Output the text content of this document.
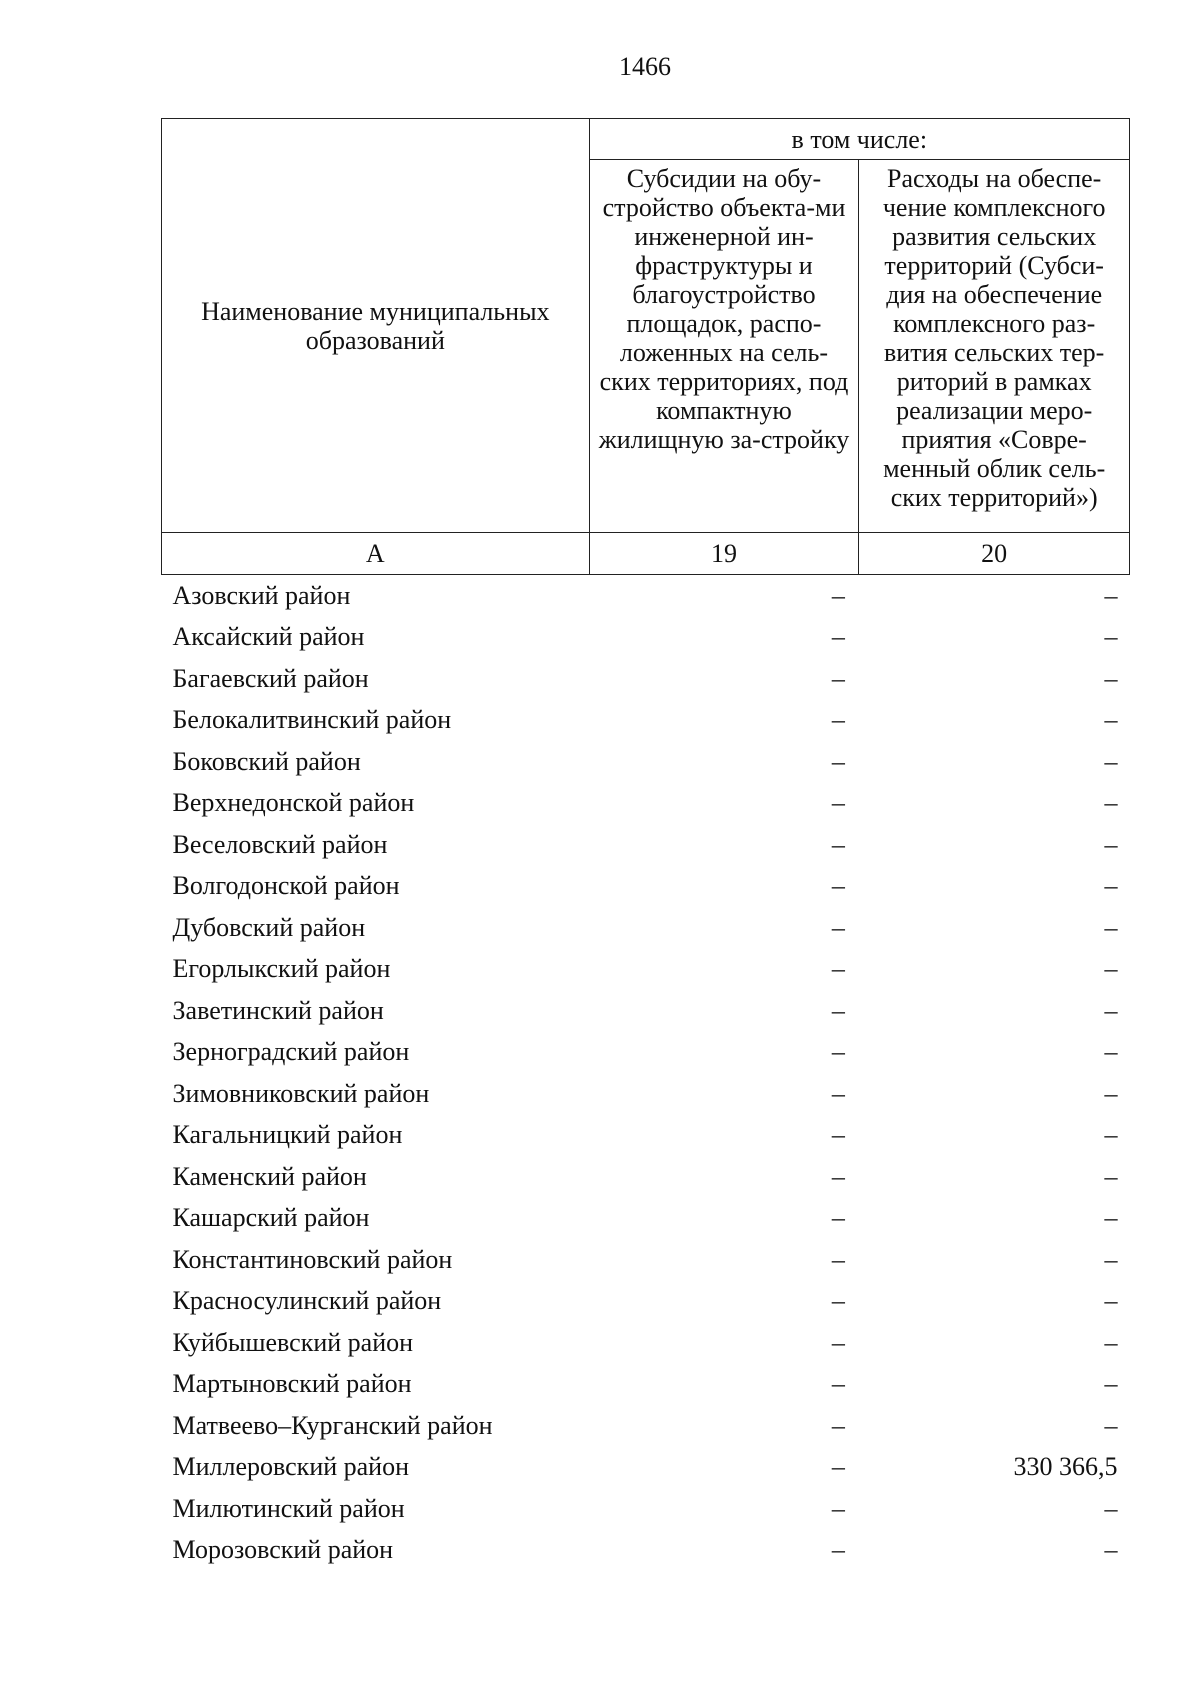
1466
Наименование муниципальных образований	в том числе:	
	Субсидии на обу-стройство объекта-ми инженерной ин-фраструктуры и благоустройство площадок, распо-ложенных на сель-ских территориях, под компактную жилищную за-стройку	Расходы на обеспе-чение комплексного развития сельских территорий (Субси-дия на обеспечение комплексного раз-вития сельских тер-риторий в рамках реализации меро-приятия «Совре-менный облик сель-ских территорий»)
А	19	20
Азовский район	–	–
Аксайский район	–	–
Багаевский район	–	–
Белокалитвинский район	–	–
Боковский район	–	–
Верхнедонской район	–	–
Веселовский район	–	–
Волгодонской район	–	–
Дубовский район	–	–
Егорлыкский район	–	–
Заветинский район	–	–
Зерноградский район	–	–
Зимовниковский район	–	–
Кагальницкий район	–	–
Каменский район	–	–
Кашарский район	–	–
Константиновский район	–	–
Красносулинский район	–	–
Куйбышевский район	–	–
Мартыновский район	–	–
Матвеево–Курганский район	–	–
Миллеровский район	–	330 366,5
Милютинский район	–	–
Морозовский район	–	–
